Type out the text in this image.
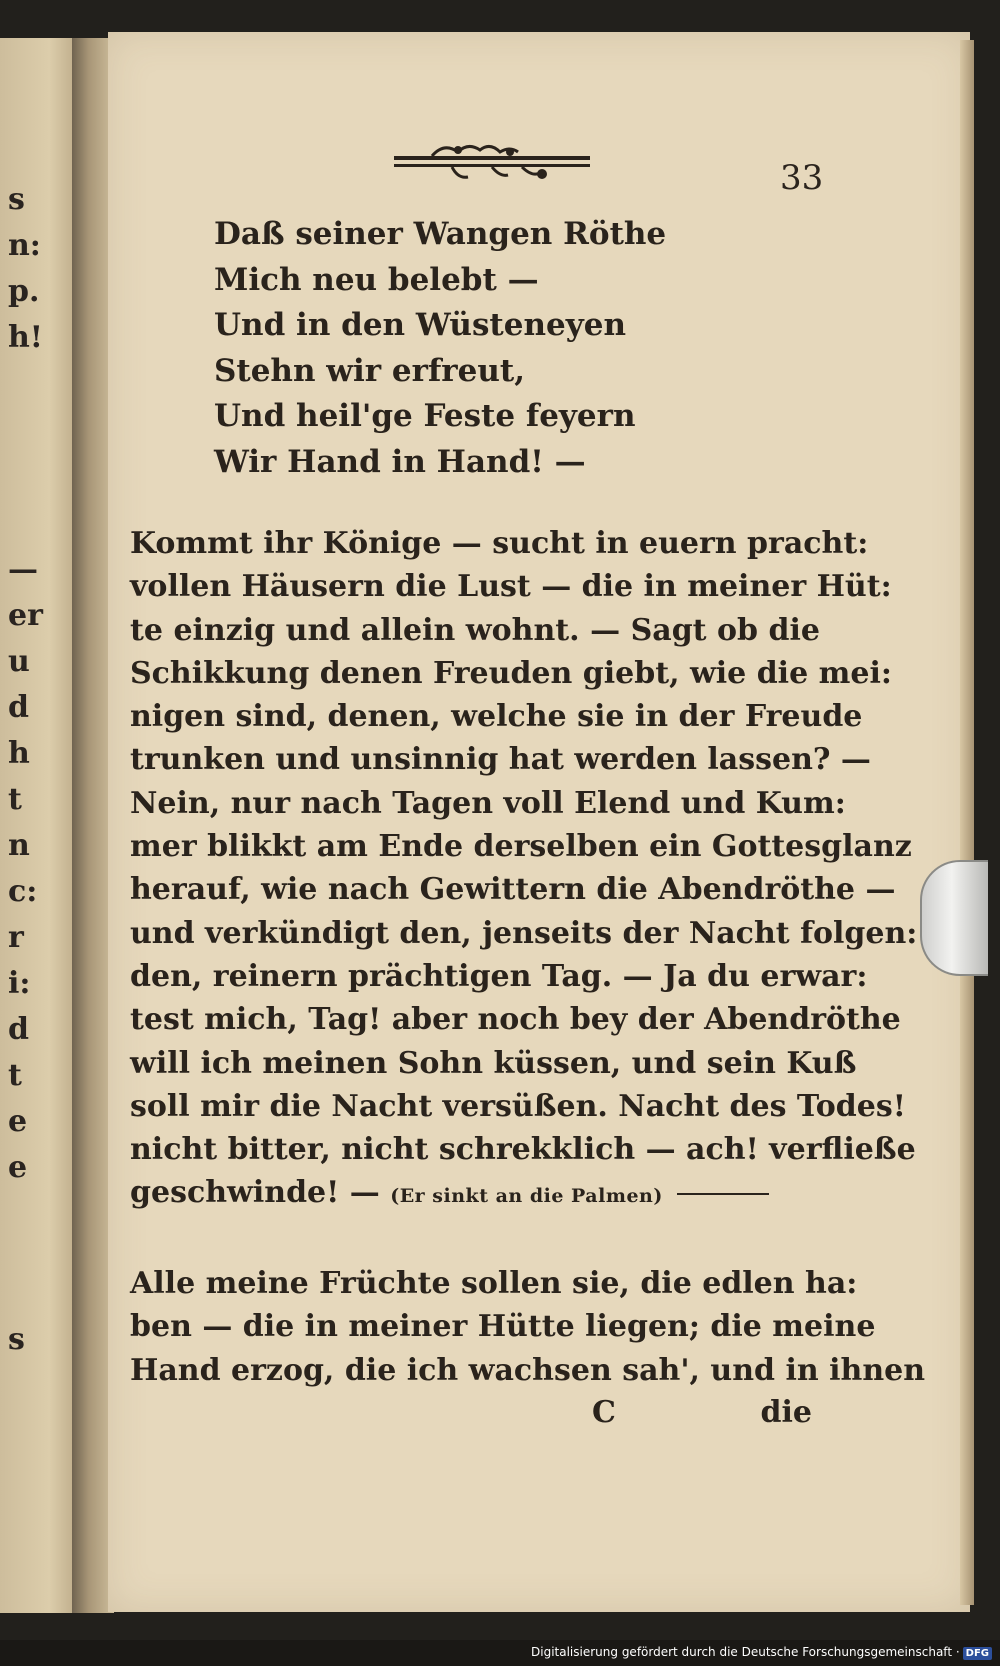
s
n:
p.
h!
—
er
u
d
h
t
n
c:
r
i:
d
t
e
e
s

33

Daß seiner Wangen Röthe
Mich neu belebt —
Und in den Wüsteneyen
Stehn wir erfreut,
Und heil'ge Feste feyern
Wir Hand in Hand! —
Kommt ihr Könige — sucht in euern pracht:
vollen Häusern die Lust — die in meiner Hüt:
te einzig und allein wohnt. — Sagt ob die
Schikkung denen Freuden giebt, wie die mei:
nigen sind, denen, welche sie in der Freude
trunken und unsinnig hat werden lassen? —
Nein, nur nach Tagen voll Elend und Kum:
mer blikkt am Ende derselben ein Gottesglanz
herauf, wie nach Gewittern die Abendröthe —
und verkündigt den, jenseits der Nacht folgen:
den, reinern prächtigen Tag. — Ja du erwar:
test mich, Tag! aber noch bey der Abendröthe
will ich meinen Sohn küssen, und sein Kuß
soll mir die Nacht versüßen. Nacht des Todes!
nicht bitter, nicht schrekklich — ach! verfließe
geschwinde! — (Er sinkt an die Palmen)
Alle meine Früchte sollen sie, die edlen ha:
ben — die in meiner Hütte liegen; die meine
Hand erzog, die ich wachsen sah', und in ihnen
C	die
Digitalisierung gefördert durch die Deutsche Forschungsgemeinschaft · DFG
